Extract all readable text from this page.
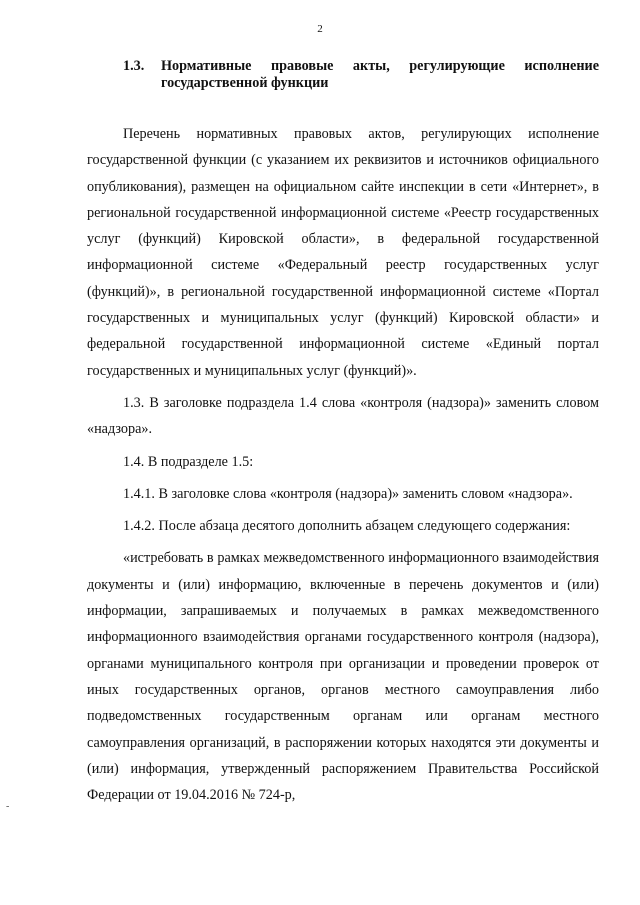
2
1.3.	Нормативные правовые акты, регулирующие исполнение государственной функции

Перечень нормативных правовых актов, регулирующих исполнение государственной функции (с указанием их реквизитов и источников официального опубликования), размещен на официальном сайте инспекции в сети «Интернет», в региональной государственной информационной системе «Реестр государственных услуг (функций) Кировской области», в федеральной государственной информационной системе «Федеральный реестр государственных услуг (функций)», в региональной государственной информационной системе «Портал государственных и муниципальных услуг (функций) Кировской области» и федеральной государственной информационной системе «Единый портал государственных и муниципальных услуг (функций)».

1.3. В заголовке подраздела 1.4 слова «контроля (надзора)» заменить словом «надзора».

1.4. В подразделе 1.5:

1.4.1. В заголовке слова «контроля (надзора)» заменить словом «надзора».

1.4.2. После абзаца десятого дополнить абзацем следующего содержания:

«истребовать в рамках межведомственного информационного взаимодействия документы и (или) информацию, включенные в перечень документов и (или) информации, запрашиваемых и получаемых в рамках межведомственного информационного взаимодействия органами государственного контроля (надзора), органами муниципального контроля при организации и проведении проверок от иных государственных органов, органов местного самоуправления либо подведомственных государственным органам или органам местного самоуправления организаций, в распоряжении которых находятся эти документы и (или) информация, утвержденный распоряжением Правительства Российской Федерации от 19.04.2016 № 724-р,

-
